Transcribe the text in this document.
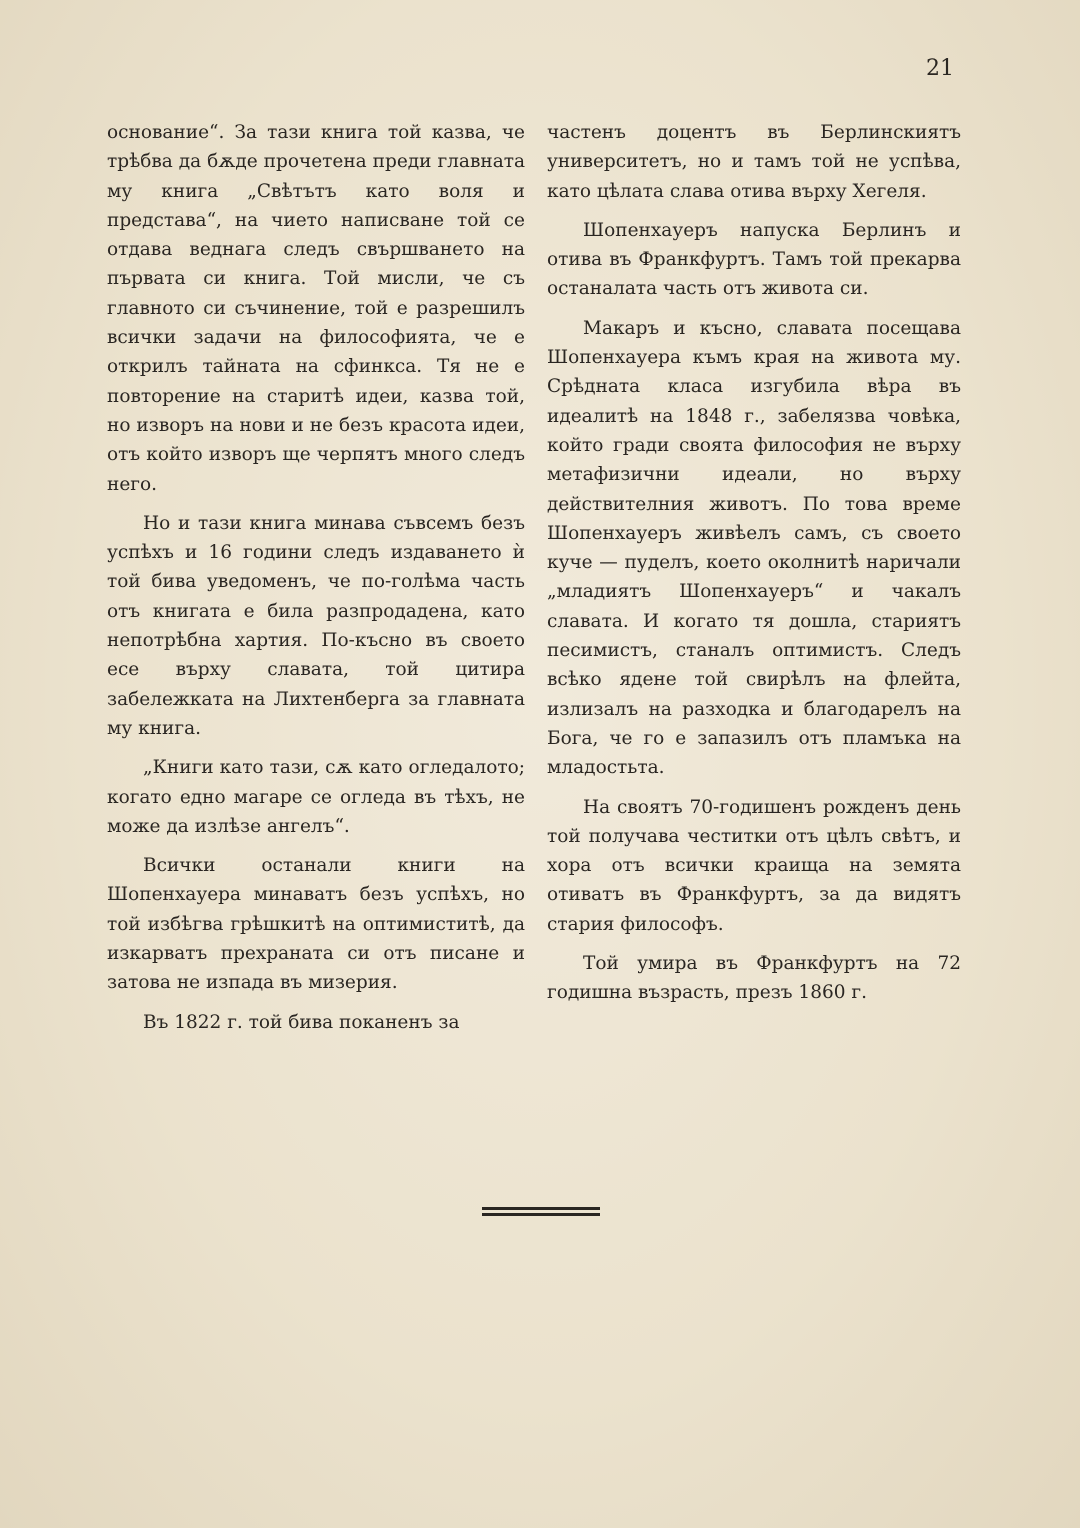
21

основание“. За тази книга той казва, че трѣбва да бѫде прочетена преди главната му книга „Свѣтътъ като воля и представа“, на чието написване той се отдава веднага следъ свършването на първата си книга. Той мисли, че съ главното си съчинение, той е разрешилъ всички задачи на философията, че е открилъ тайната на сфинкса. Тя не е повторение на старитѣ идеи, казва той, но изворъ на нови и не безъ красота идеи, отъ който изворъ ще черпятъ много следъ него.

Но и тази книга минава съвсемъ безъ успѣхъ и 16 години следъ издаването ѝ той бива уведоменъ, че по-голѣма часть отъ книгата е била разпродадена, като непотрѣбна хартия. По-късно въ своето есе върху славата, той цитира забележката на Лихтенберга за главната му книга.

„Книги като тази, сѫ като огледалото; когато едно магаре се огледа въ тѣхъ, не може да излѣзе ангелъ“.

Всички останали книги на Шопенхауера минаватъ безъ успѣхъ, но той избѣгва грѣшкитѣ на оптимиститѣ, да изкарватъ прехраната си отъ писане и затова не изпада въ мизерия.

Въ 1822 г. той бива поканенъ за

частенъ доцентъ въ Берлинскиятъ университетъ, но и тамъ той не успѣва, като цѣлата слава отива върху Хегеля.

Шопенхауеръ напуска Берлинъ и отива въ Франкфуртъ. Тамъ той прекарва останалата часть отъ живота си.

Макаръ и късно, славата посещава Шопенхауера къмъ края на живота му. Срѣдната класа изгубила вѣра въ идеалитѣ на 1848 г., забелязва човѣка, който гради своята философия не върху метафизични идеали, но върху действителния животъ. По това време Шопенхауеръ живѣелъ самъ, съ своето куче — пуделъ, което околнитѣ наричали „младиятъ Шопенхауеръ“ и чакалъ славата. И когато тя дошла, стариятъ песимистъ, станалъ оптимистъ. Следъ всѣко ядене той свирѣлъ на флейта, излизалъ на разходка и благодарелъ на Бога, че го е запазилъ отъ пламъка на младостьта.

На своятъ 70-годишенъ рожденъ день той получава честитки отъ цѣлъ свѣтъ, и хора отъ всички краища на земята отиватъ въ Франкфуртъ, за да видятъ стария философъ.

Той умира въ Франкфуртъ на 72 годишна възрасть, презъ 1860 г.
